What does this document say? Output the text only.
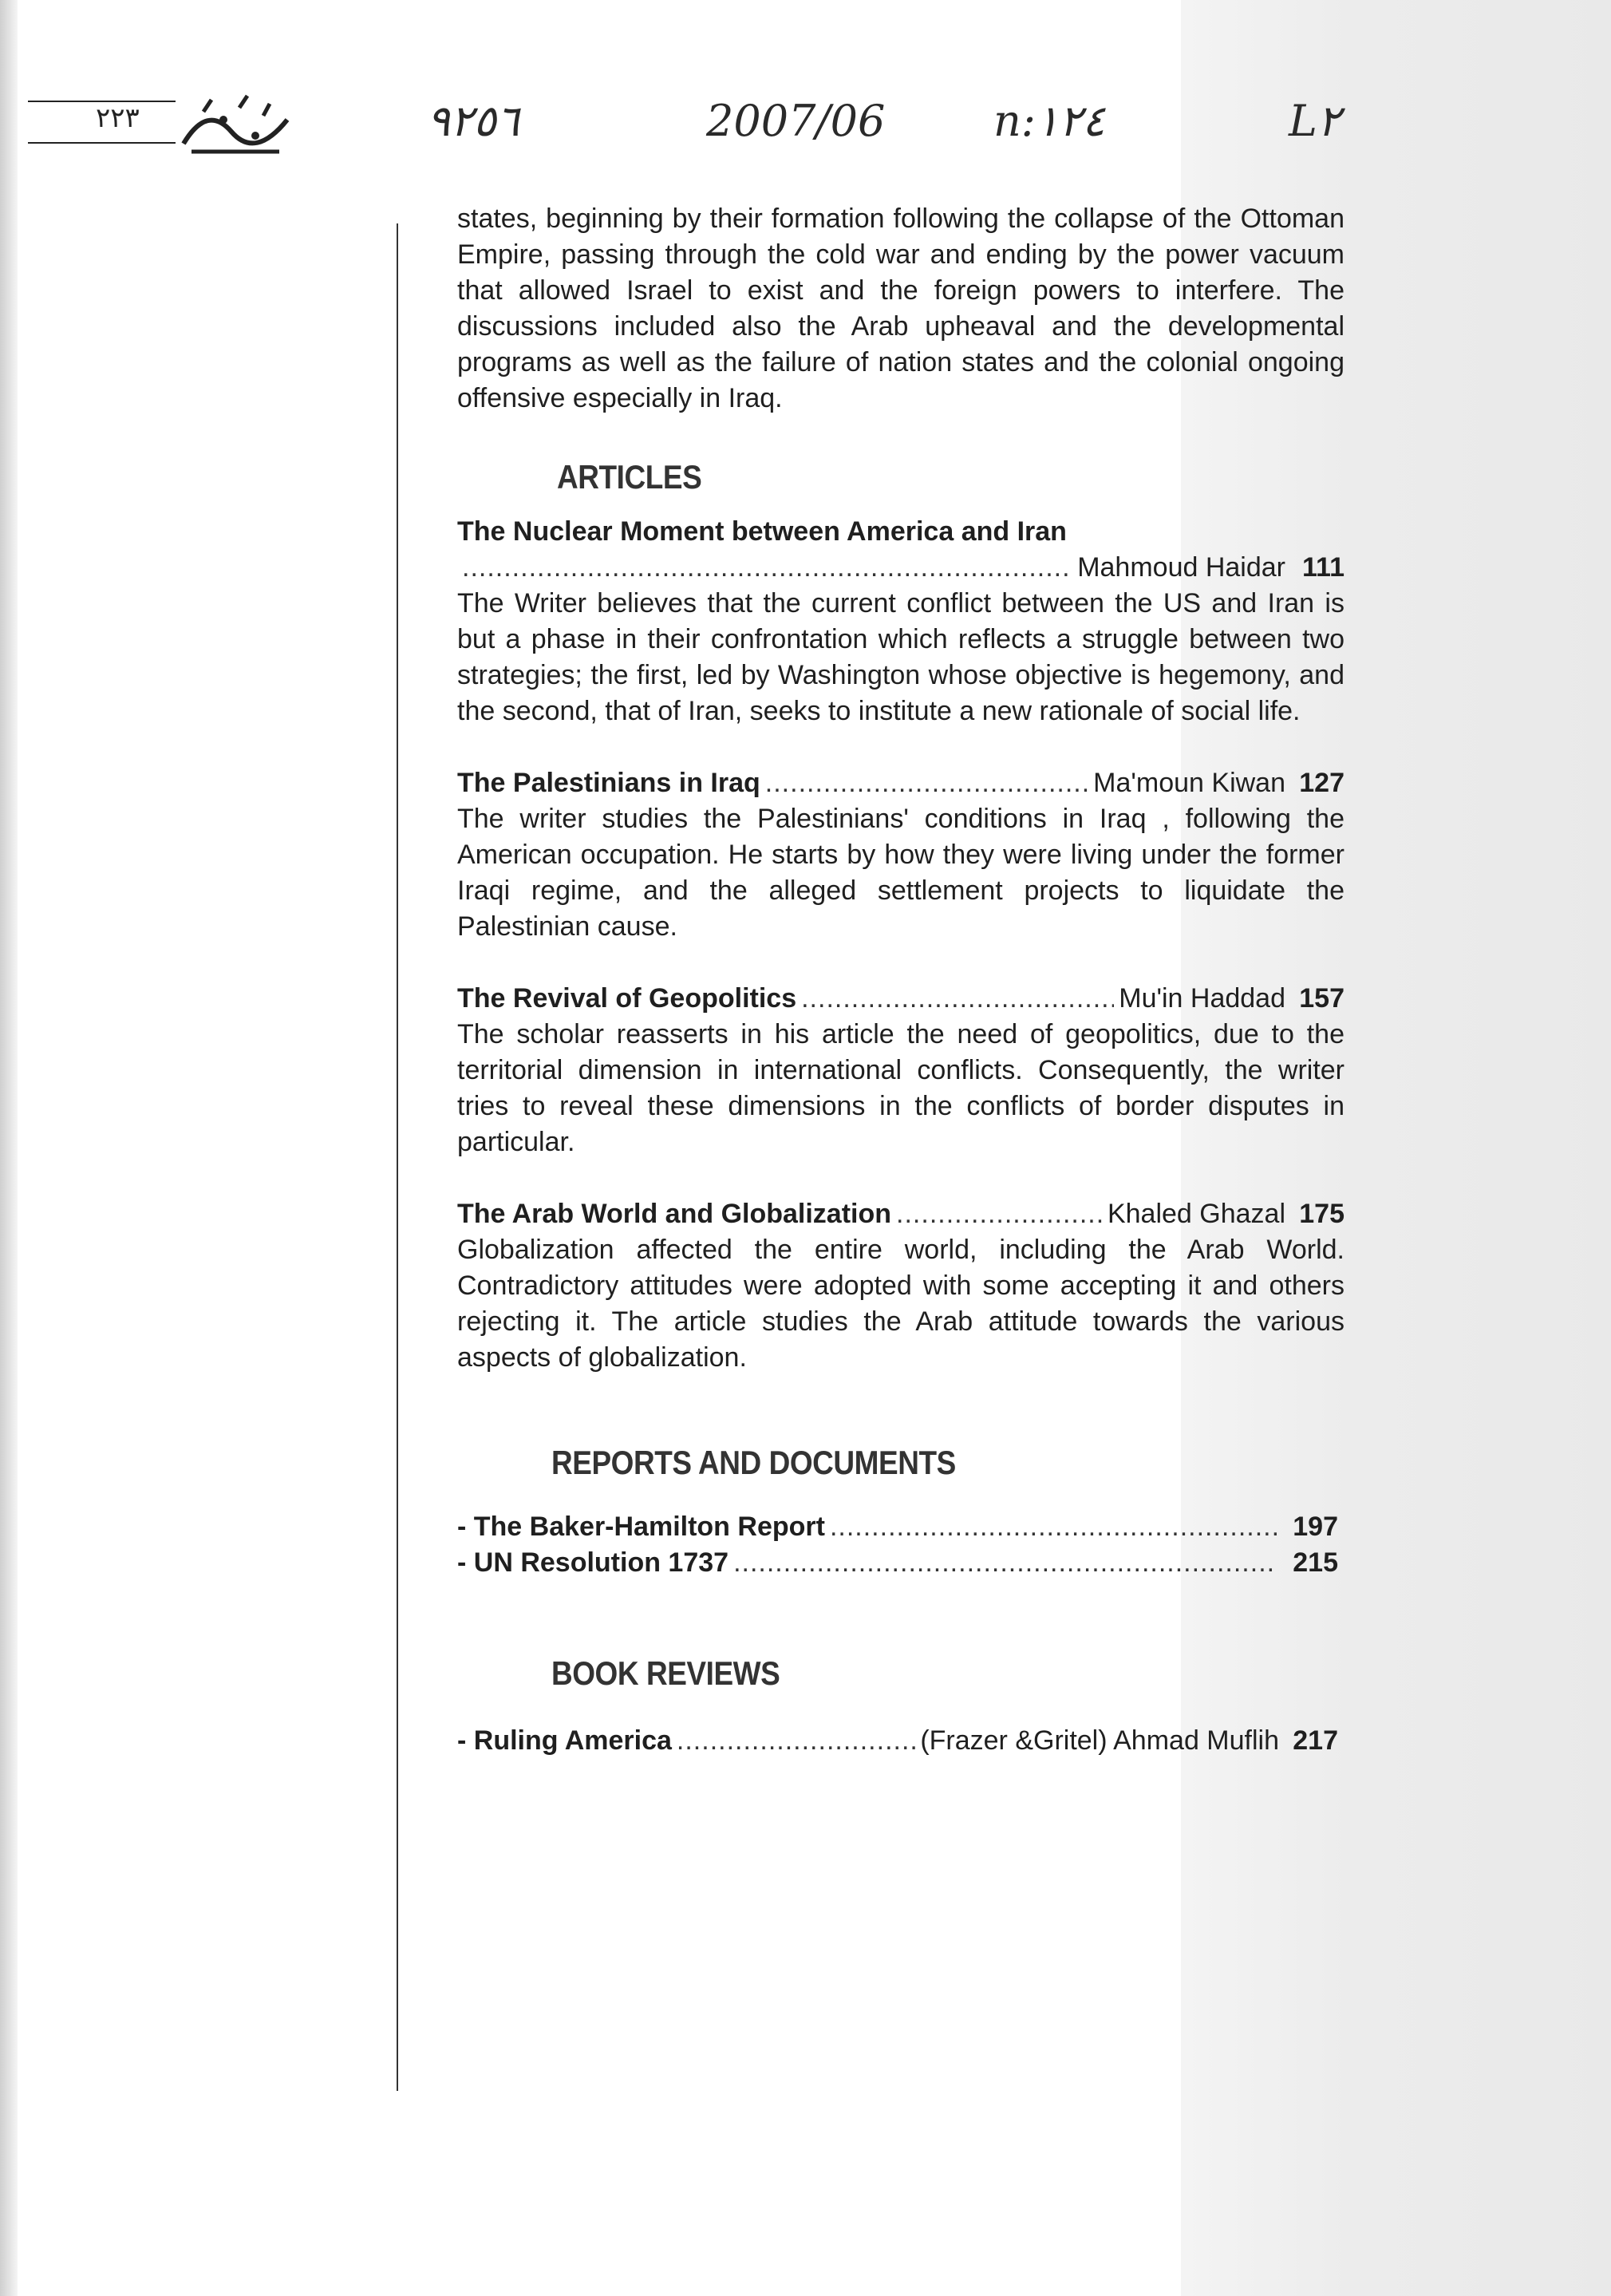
٢٢٣	٩٢٥٦	2007/06	n:١٢٤	L٢

states, beginning by their formation following the collapse of the Ottoman Empire, passing through the cold war and ending by the power vacuum that allowed Israel to exist and the foreign powers to interfere. The discussions included also the Arab upheaval and the developmental programs as well as the failure of nation states and the colonial ongoing offensive especially in Iraq.

ARTICLES
The Nuclear Moment between America and Iran
.....
Mahmoud Haidar 111

The Writer believes that the current conflict between the US and Iran is but a phase in their confrontation which reflects a struggle between two strategies; the first, led by Washington whose objective is hegemony, and the second, that of Iran, seeks to institute a new rationale of social life.

The Palestinians in Iraq .....	Ma'moun Kiwan 127

The writer studies the Palestinians' conditions in Iraq , following the American occupation. He starts by how they were living under the former Iraqi regime, and the alleged settlement projects to liquidate the Palestinian cause.

The Revival of Geopolitics .....	Mu'in Haddad 157

The scholar reasserts in his article the need of geopolitics, due to the territorial dimension in international conflicts. Consequently, the writer tries to reveal these dimensions in the conflicts of border disputes in particular.

The Arab World and Globalization .....	Khaled Ghazal 175

Globalization affected the entire world, including the Arab World. Contradictory attitudes were adopted with some accepting it and others rejecting it. The article studies the Arab attitude towards the various aspects of globalization.

REPORTS AND DOCUMENTS
- The Baker-Hamilton Report .....	197
- UN Resolution 1737 .....	215
BOOK REVIEWS
- Ruling America .....	(Frazer &Gritel) Ahmad Muflih 217
